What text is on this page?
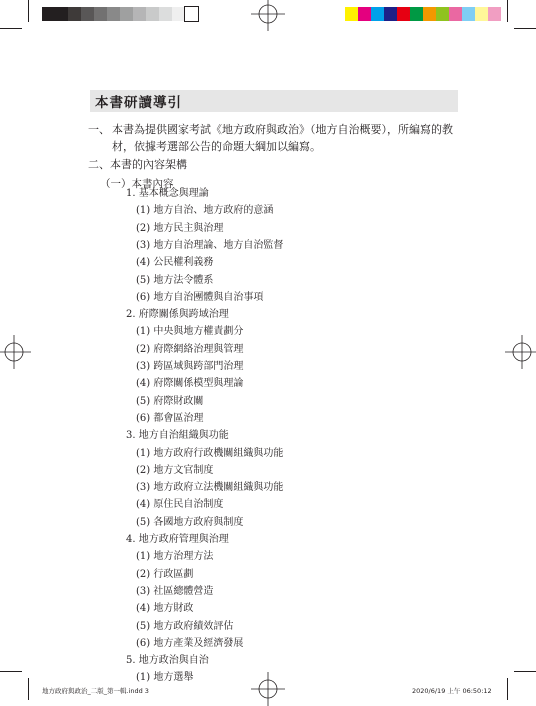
本書研讀導引
一、 本書為提供國家考試《地方政府與政治》（地方自治概要），所編寫的教材，依據考選部公告的命題大綱加以編寫。
二、本書的內容架構
（一）本書內容
1. 基本概念與理論
(1) 地方自治、地方政府的意涵
(2) 地方民主與治理
(3) 地方自治理論、地方自治監督
(4) 公民權利義務
(5) 地方法令體系
(6) 地方自治團體與自治事項
2. 府際關係與跨域治理
(1) 中央與地方權責劃分
(2) 府際網絡治理與管理
(3) 跨區域與跨部門治理
(4) 府際關係模型與理論
(5) 府際財政關
(6) 都會區治理
3. 地方自治組織與功能
(1) 地方政府行政機關組織與功能
(2) 地方文官制度
(3) 地方政府立法機關組織與功能
(4) 原住民自治制度
(5) 各國地方政府與制度
4. 地方政府管理與治理
(1) 地方治理方法
(2) 行政區劃
(3) 社區總體營造
(4) 地方財政
(5) 地方政府績效評估
(6) 地方產業及經濟發展
5. 地方政治與自治
(1) 地方選舉
地方政府與政治_二版_第一輯.indd 3	2020/6/19 上午 06:50:12
